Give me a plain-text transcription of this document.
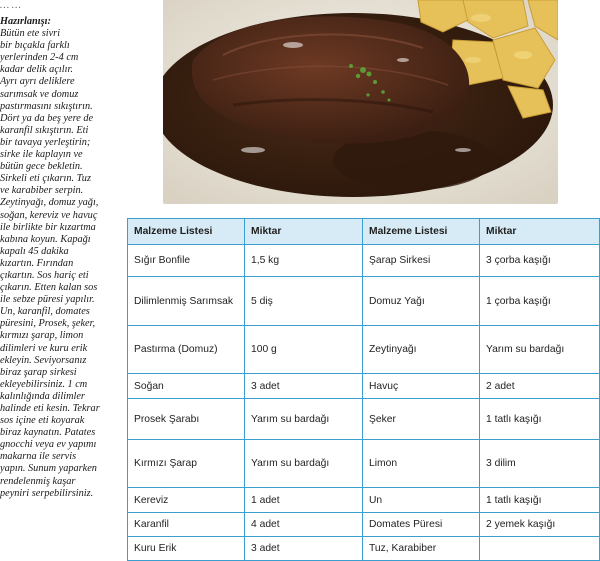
… …
Hazırlanışı:
Bütün ete sivri
bir bıçakla farklı
yerlerinden 2-4 cm
kadar delik açılır.
Ayrı ayrı deliklere
sarımsak ve domuz
pastırmasını sıkıştırın.
Dört ya da beş yere de
karanfil sıkıştırın. Eti
bir tavaya yerleştirin;
sirke ile kaplayın ve
bütün gece bekletin.
Sirkeli eti çıkarın. Tuz
ve karabiber serpin.
Zeytinyağı, domuz yağı,
soğan, kereviz ve havuç
ile birlikte bir kızartma
kabına koyun. Kapağı
kapalı 45 dakika
kızartın. Fırından
çıkartın. Sos hariç eti
çıkarın. Etten kalan sos
ile sebze püresi yapılır.
Un, karanfil, domates
püresini, Prosek, şeker,
kırmızı şarap, limon
dilimleri ve kuru erik
ekleyin. Seviyorsanız
biraz şarap sirkesi
ekleyebilirsiniz. 1 cm
kalınlığında dilimler
halinde eti kesin. Tekrar
sos içine eti koyarak
biraz kaynatın. Patates
gnocchi veya ev yapımı
makarna ile servis
yapın. Sunum yaparken
rendelenmiş kaşar
peyniri serpebilirsiniz.
Malzeme Listesi	Miktar	Malzeme Listesi	Miktar
Sığır Bonfile	1,5 kg	Şarap Sirkesi	3 çorba kaşığı
Dilimlenmiş Sarımsak	5 diş	Domuz Yağı	1 çorba kaşığı
Pastırma (Domuz)	100 g	Zeytinyağı	Yarım su bardağı
Soğan	3 adet	Havuç	2 adet
Prosek Şarabı	Yarım su bardağı	Şeker	1 tatlı kaşığı
Kırmızı Şarap	Yarım su bardağı	Limon	3 dilim
Kereviz	1 adet	Un	1 tatlı kaşığı
Karanfil	4 adet	Domates Püresi	2 yemek kaşığı
Kuru Erik	3 adet	Tuz, Karabiber	
